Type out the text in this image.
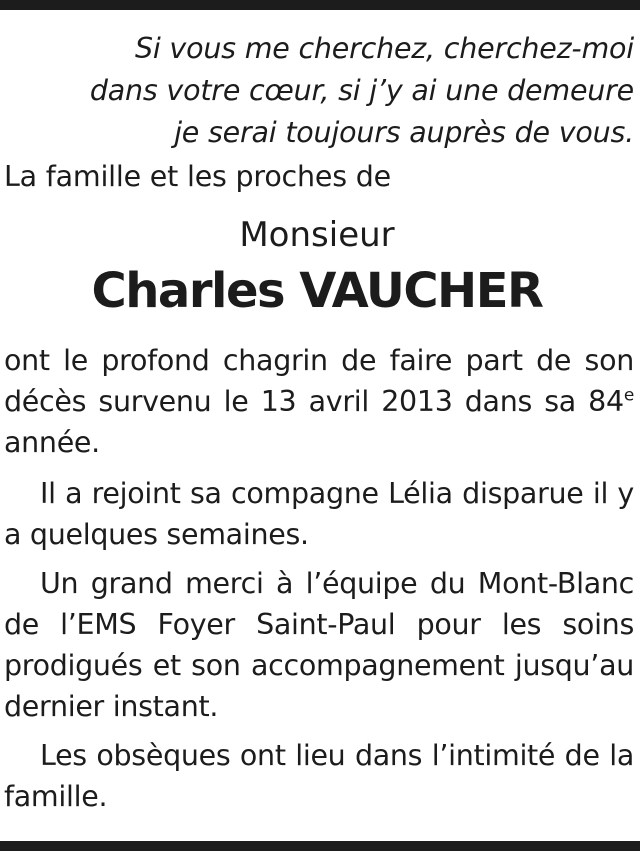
Si vous me cherchez, cherchez-moi
dans votre cœur, si j’y ai une demeure
je serai toujours auprès de vous.
La famille et les proches de
Monsieur
Charles VAUCHER
ont le profond chagrin de faire part de son décès survenu le 13 avril 2013 dans sa 84e année.
Il a rejoint sa compagne Lélia disparue il y a quelques semaines.
Un grand merci à l’équipe du Mont-Blanc de l’EMS Foyer Saint-Paul pour les soins prodigués et son accompagnement jusqu’au dernier instant.
Les obsèques ont lieu dans l’intimité de la famille.
